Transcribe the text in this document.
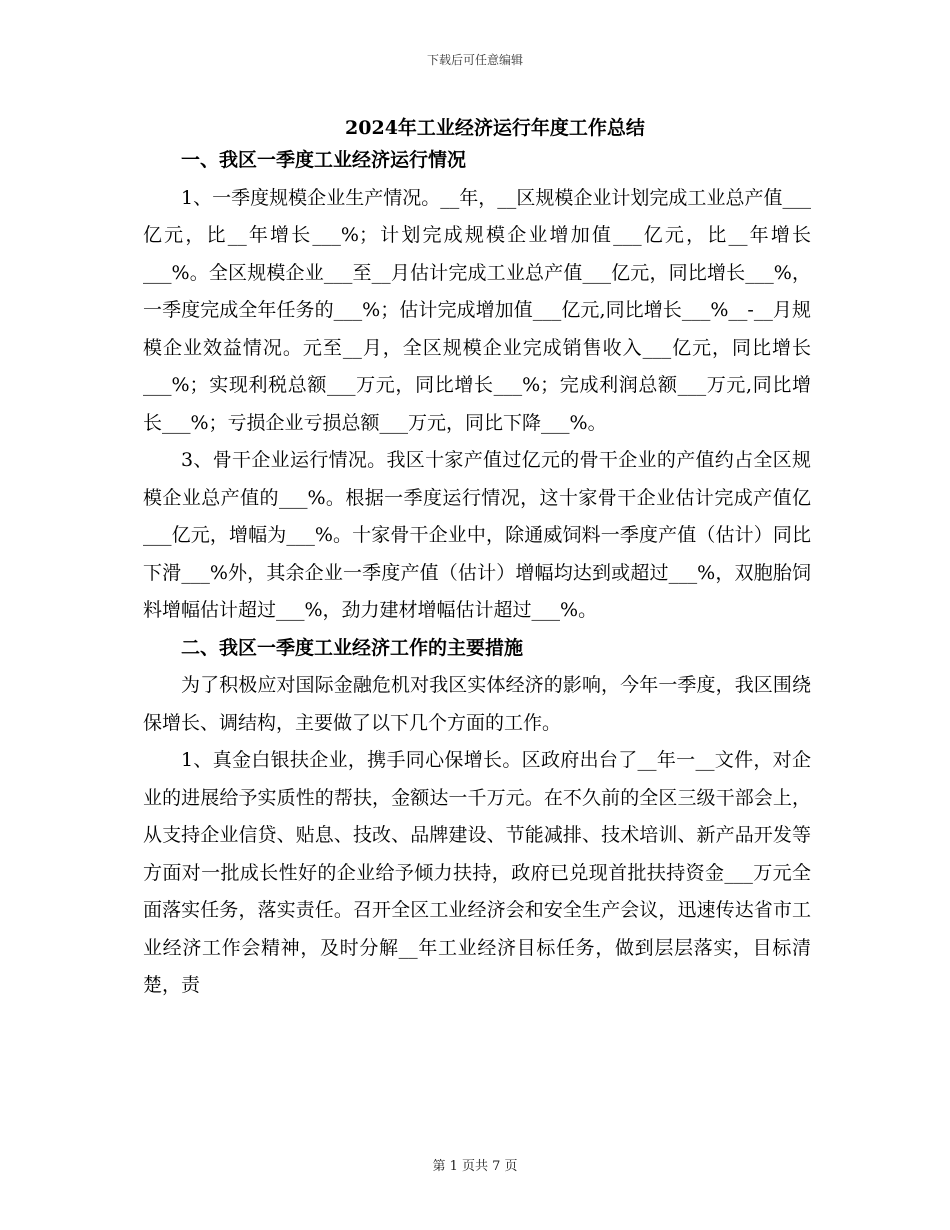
下载后可任意编辑
2024年工业经济运行年度工作总结
一、我区一季度工业经济运行情况

1、一季度规模企业生产情况。__年，__区规模企业计划完成工业总产值___亿元，比__年增长___%；计划完成规模企业增加值___亿元，比__年增长___%。全区规模企业___至__月估计完成工业总产值___亿元，同比增长___%，一季度完成全年任务的___%；估计完成增加值___亿元,同比增长___%__-__月规模企业效益情况。元至__月，全区规模企业完成销售收入___亿元，同比增长___%；实现利税总额___万元，同比增长___%；完成利润总额___万元,同比增长___%；亏损企业亏损总额___万元，同比下降___%。

3、骨干企业运行情况。我区十家产值过亿元的骨干企业的产值约占全区规模企业总产值的___%。根据一季度运行情况，这十家骨干企业估计完成产值亿___亿元，增幅为___%。十家骨干企业中，除通威饲料一季度产值（估计）同比下滑___%外，其余企业一季度产值（估计）增幅均达到或超过___%，双胞胎饲料增幅估计超过___%，劲力建材增幅估计超过___%。

二、我区一季度工业经济工作的主要措施

为了积极应对国际金融危机对我区实体经济的影响，今年一季度，我区围绕保增长、调结构，主要做了以下几个方面的工作。

1、真金白银扶企业，携手同心保增长。区政府出台了__年一__文件，对企业的进展给予实质性的帮扶，金额达一千万元。在不久前的全区三级干部会上，从支持企业信贷、贴息、技改、品牌建设、节能减排、技术培训、新产品开发等方面对一批成长性好的企业给予倾力扶持，政府已兑现首批扶持资金___万元全面落实任务，落实责任。召开全区工业经济会和安全生产会议，迅速传达省市工业经济工作会精神，及时分解__年工业经济目标任务，做到层层落实，目标清楚，责

第 1 页共 7 页
